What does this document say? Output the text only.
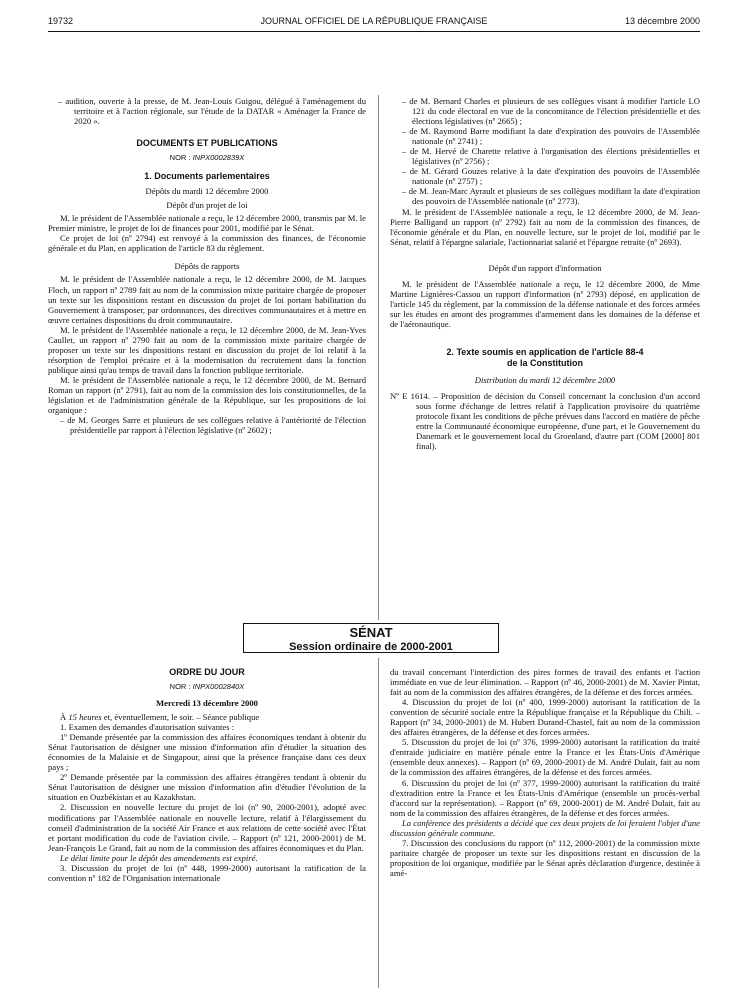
19732	JOURNAL OFFICIEL DE LA RÉPUBLIQUE FRANÇAISE	13 décembre 2000

– audition, ouverte à la presse, de M. Jean-Louis Guigou, délégué à l'aménagement du territoire et à l'action régionale, sur l'étude de la DATAR « Aménager la France de 2020 ».

DOCUMENTS ET PUBLICATIONS
NOR : INPX0002839X
1. Documents parlementaires
Dépôts du mardi 12 décembre 2000
Dépôt d'un projet de loi

M. le président de l'Assemblée nationale a reçu, le 12 décembre 2000, transmis par M. le Premier ministre, le projet de loi de finances pour 2001, modifié par le Sénat.

Ce projet de loi (nº 2794) est renvoyé à la commission des finances, de l'économie générale et du Plan, en application de l'article 83 du règlement.

Dépôts de rapports

M. le président de l'Assemblée nationale a reçu, le 12 décembre 2000, de M. Jacques Floch, un rapport nº 2789 fait au nom de la commission mixte paritaire chargée de proposer un texte sur les dispositions restant en discussion du projet de loi portant habilitation du Gouvernement à transposer, par ordonnances, des directives communautaires et à mettre en œuvre certaines dispositions du droit communautaire.

M. le président de l'Assemblée nationale a reçu, le 12 décembre 2000, de M. Jean-Yves Caullet, un rapport nº 2790 fait au nom de la commission mixte paritaire chargée de proposer un texte sur les dispositions restant en discussion du projet de loi relatif à la résorption de l'emploi précaire et à la modernisation du recrutement dans la fonction publique ainsi qu'au temps de travail dans la fonction publique territoriale.

M. le président de l'Assemblée nationale a reçu, le 12 décembre 2000, de M. Bernard Roman un rapport (nº 2791), fait au nom de la commission des lois constitutionnelles, de la législation et de l'administration générale de la République, sur les propositions de loi organique :

– de M. Georges Sarre et plusieurs de ses collègues relative à l'antériorité de l'élection présidentielle par rapport à l'élection législative (nº 2602) ;

– de M. Bernard Charles et plusieurs de ses collègues visant à modifier l'article LO 121 du code électoral en vue de la concomitance de l'élection présidentielle et des élections législatives (nº 2665) ;

– de M. Raymond Barre modifiant la date d'expiration des pouvoirs de l'Assemblée nationale (nº 2741) ;

– de M. Hervé de Charette relative à l'organisation des élections présidentielles et législatives (nº 2756) ;

– de M. Gérard Gouzes relative à la date d'expiration des pouvoirs de l'Assemblée nationale (nº 2757) ;

– de M. Jean-Marc Ayrault et plusieurs de ses collègues modifiant la date d'expiration des pouvoirs de l'Assemblée nationale (nº 2773).

M. le président de l'Assemblée nationale a reçu, le 12 décembre 2000, de M. Jean-Pierre Balligand un rapport (nº 2792) fait au nom de la commission des finances, de l'économie générale et du Plan, en nouvelle lecture, sur le projet de loi, modifié par le Sénat, relatif à l'épargne salariale, l'actionnariat salarié et l'épargne retraite (nº 2693).

Dépôt d'un rapport d'information

M. le président de l'Assemblée nationale a reçu, le 12 décembre 2000, de Mme Martine Lignières-Cassou un rapport d'information (nº 2793) déposé, en application de l'article 145 du règlement, par la commission de la défense nationale et des forces armées sur les études en amont des programmes d'armement dans les domaines de la défense et de l'aéronautique.

2. Texte soumis en application de l'article 88-4
de la Constitution
Distribution du mardi 12 décembre 2000

Nº E 1614. – Proposition de décision du Conseil concernant la conclusion d'un accord sous forme d'échange de lettres relatif à l'application provisoire du quatrième protocole fixant les conditions de pêche prévues dans l'accord en matière de pêche entre la Communauté économique européenne, d'une part, et le Gouvernement du Danemark et le gouvernement local du Groenland, d'autre part (COM [2000] 801 final).

SÉNAT
Session ordinaire de 2000-2001
ORDRE DU JOUR
NOR : INPX0002840X
Mercredi 13 décembre 2000

À 15 heures et, éventuellement, le soir. – Séance publique

1. Examen des demandes d'autorisation suivantes :

1º Demande présentée par la commission des affaires économiques tendant à obtenir du Sénat l'autorisation de désigner une mission d'information afin d'étudier la situation des économies de la Malaisie et de Singapour, ainsi que la présence française dans ces deux pays ;

2º Demande présentée par la commission des affaires étrangères tendant à obtenir du Sénat l'autorisation de désigner une mission d'information afin d'étudier l'évolution de la situation en Ouzbékistan et au Kazakhstan.

2. Discussion en nouvelle lecture du projet de loi (nº 90, 2000-2001), adopté avec modifications par l'Assemblée nationale en nouvelle lecture, relatif à l'élargissement du conseil d'administration de la société Air France et aux relations de cette société avec l'État et portant modification du code de l'aviation civile. – Rapport (nº 121, 2000-2001) de M. Jean-François Le Grand, fait au nom de la commission des affaires économiques et du Plan.

Le délai limite pour le dépôt des amendements est expiré.

3. Discussion du projet de loi (nº 448, 1999-2000) autorisant la ratification de la convention nº 182 de l'Organisation internationale

du travail concernant l'interdiction des pires formes de travail des enfants et l'action immédiate en vue de leur élimination. – Rapport (nº 46, 2000-2001) de M. Xavier Pintat, fait au nom de la commission des affaires étrangères, de la défense et des forces armées.

4. Discussion du projet de loi (nº 400, 1999-2000) autorisant la ratification de la convention de sécurité sociale entre la République française et la République du Chili. – Rapport (nº 34, 2000-2001) de M. Hubert Durand-Chastel, fait au nom de la commission des affaires étrangères, de la défense et des forces armées.

5. Discussion du projet de loi (nº 376, 1999-2000) autorisant la ratification du traité d'entraide judiciaire en matière pénale entre la France et les États-Unis d'Amérique (ensemble deux annexes). – Rapport (nº 69, 2000-2001) de M. André Dulait, fait au nom de la commission des affaires étrangères, de la défense et des forces armées.

6. Discussion du projet de loi (nº 377, 1999-2000) autorisant la ratification du traité d'extradition entre la France et les États-Unis d'Amérique (ensemble un procès-verbal d'accord sur la représentation). – Rapport (nº 69, 2000-2001) de M. André Dulait, fait au nom de la commission des affaires étrangères, de la défense et des forces armées.

La conférence des présidents a décidé que ces deux projets de loi feraient l'objet d'une discussion générale commune.

7. Discussion des conclusions du rapport (nº 112, 2000-2001) de la commission mixte paritaire chargée de proposer un texte sur les dispositions restant en discussion de la proposition de loi organique, modifiée par le Sénat après déclaration d'urgence, destinée à amé-
